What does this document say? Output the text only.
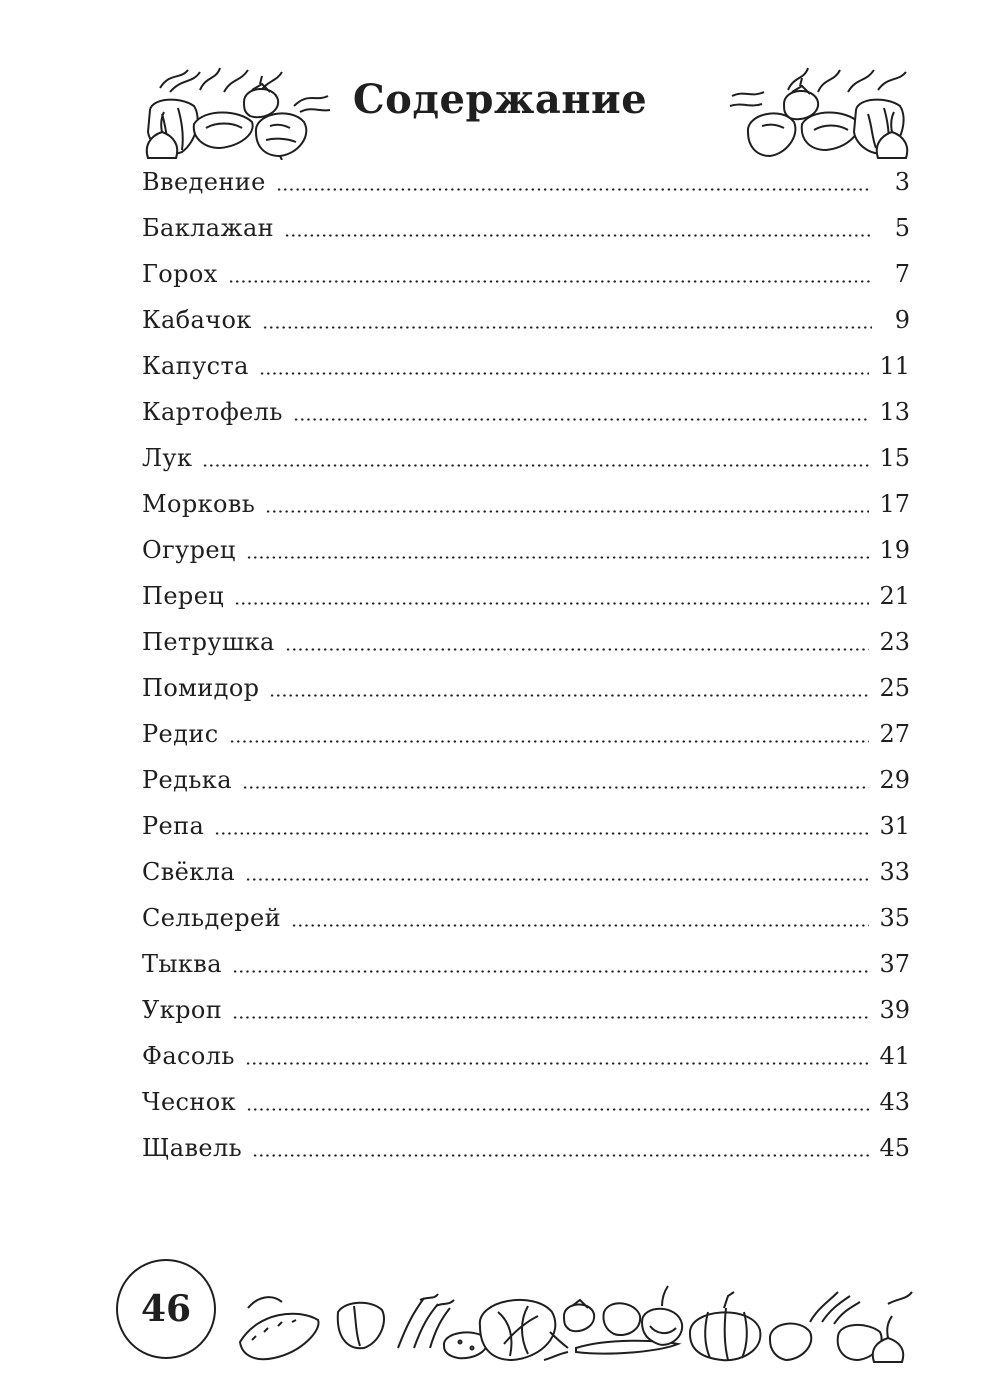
Содержание
Введение	3
Баклажан	5
Горох	7
Кабачок	9
Капуста	11
Картофель	13
Лук	15
Морковь	17
Огурец	19
Перец	21
Петрушка	23
Помидор	25
Редис	27
Редька	29
Репа	31
Свёкла	33
Сельдерей	35
Тыква	37
Укроп	39
Фасоль	41
Чеснок	43
Щавель	45
46
